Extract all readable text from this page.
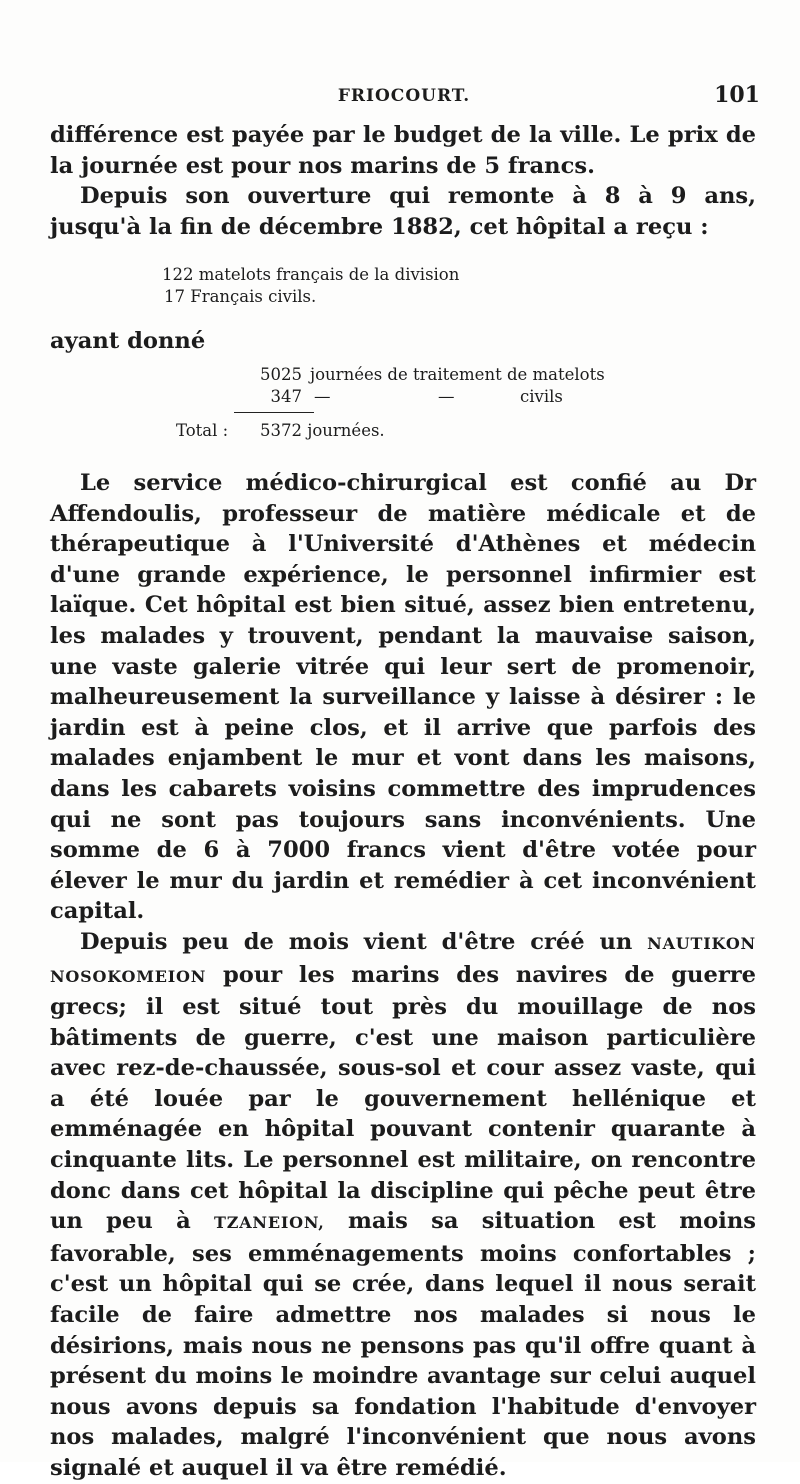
FRIOCOURT.	101

différence est payée par le budget de la ville. Le prix de la journée est pour nos marins de 5 francs.

Depuis son ouverture qui remonte à 8 à 9 ans, jusqu'à la fin de décembre 1882, cet hôpital a reçu :

122 matelots français de la division
17 Français civils.
ayant donné
5025 journées de traitement de matelots
347 —	—	civils
Total : 5372 journées.

Le service médico-chirurgical est confié au Dr Affendoulis, professeur de matière médicale et de thérapeutique à l'Université d'Athènes et médecin d'une grande expérience, le personnel infirmier est laïque. Cet hôpital est bien situé, assez bien entretenu, les malades y trouvent, pendant la mauvaise saison, une vaste galerie vitrée qui leur sert de promenoir, malheureusement la surveillance y laisse à désirer : le jardin est à peine clos, et il arrive que parfois des malades enjambent le mur et vont dans les maisons, dans les cabarets voisins commettre des imprudences qui ne sont pas toujours sans inconvénients. Une somme de 6 à 7000 francs vient d'être votée pour élever le mur du jardin et remédier à cet inconvénient capital.

Depuis peu de mois vient d'être créé un NAUTIKON NOSOKOMEION pour les marins des navires de guerre grecs; il est situé tout près du mouillage de nos bâtiments de guerre, c'est une maison particulière avec rez-de-chaussée, sous-sol et cour assez vaste, qui a été louée par le gouvernement hellénique et emménagée en hôpital pouvant contenir quarante à cinquante lits. Le personnel est militaire, on rencontre donc dans cet hôpital la discipline qui pêche peut être un peu à TZANEION, mais sa situation est moins favorable, ses emménagements moins confortables ; c'est un hôpital qui se crée, dans lequel il nous serait facile de faire admettre nos malades si nous le désirions, mais nous ne pensons pas qu'il offre quant à présent du moins le moindre avantage sur celui auquel nous avons depuis sa fondation l'habitude d'envoyer nos malades, malgré l'inconvénient que nous avons signalé et auquel il va être remédié.
